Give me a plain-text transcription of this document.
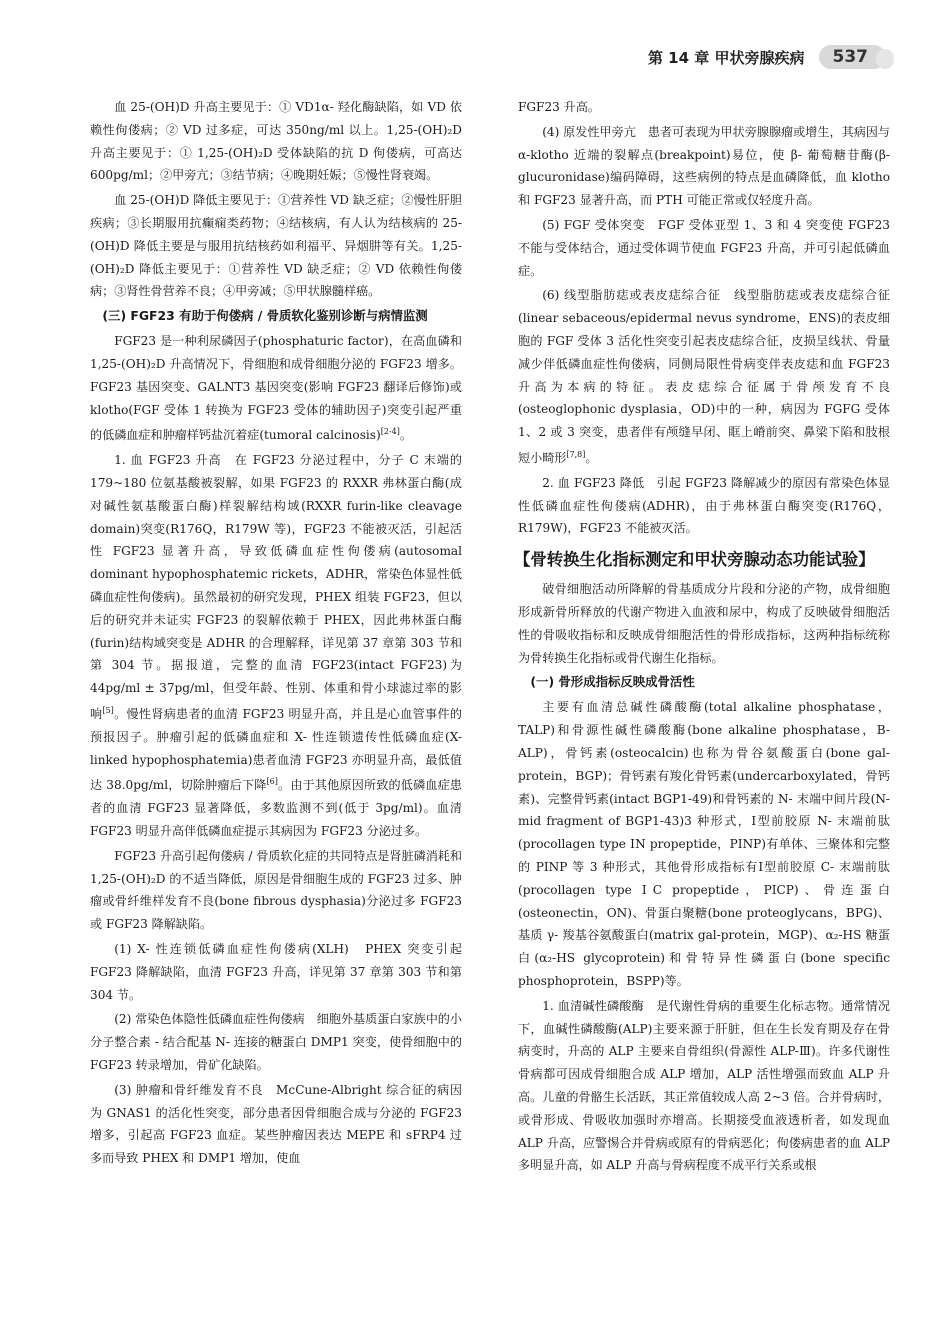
第 14 章 甲状旁腺疾病	537

血 25-(OH)D 升高主要见于：① VD1α- 羟化酶缺陷，如 VD 依赖性佝偻病；② VD 过多症，可达 350ng/ml 以上。1,25-(OH)₂D 升高主要见于：① 1,25-(OH)₂D 受体缺陷的抗 D 佝偻病，可高达 600pg/ml；②甲旁亢；③结节病；④晚期妊娠；⑤慢性肾衰竭。

血 25-(OH)D 降低主要见于：①营养性 VD 缺乏症；②慢性肝胆疾病；③长期服用抗癫痫类药物；④结核病，有人认为结核病的 25-(OH)D 降低主要是与服用抗结核药如利福平、异烟肼等有关。1,25-(OH)₂D 降低主要见于：①营养性 VD 缺乏症；② VD 依赖性佝偻病；③肾性骨营养不良；④甲旁减；⑤甲状腺髓样癌。

(三) FGF23 有助于佝偻病 / 骨质软化鉴别诊断与病情监测

FGF23 是一种利尿磷因子(phosphaturic factor)，在高血磷和 1,25-(OH)₂D 升高情况下，骨细胞和成骨细胞分泌的 FGF23 增多。FGF23 基因突变、GALNT3 基因突变(影响 FGF23 翻译后修饰)或 klotho(FGF 受体 1 转换为 FGF23 受体的辅助因子)突变引起严重的低磷血症和肿瘤样钙盐沉着症(tumoral calcinosis)[2-4]。

1. 血 FGF23 升高　在 FGF23 分泌过程中，分子 C 末端的 179~180 位氨基酸被裂解，如果 FGF23 的 RXXR 弗林蛋白酶(成对碱性氨基酸蛋白酶)样裂解结构域(RXXR furin-like cleavage domain)突变(R176Q，R179W 等)，FGF23 不能被灭活，引起活性 FGF23 显著升高，导致低磷血症性佝偻病(autosomal dominant hypophosphatemic rickets，ADHR，常染色体显性低磷血症性佝偻病)。虽然最初的研究发现，PHEX 组装 FGF23，但以后的研究并未证实 FGF23 的裂解依赖于 PHEX，因此弗林蛋白酶(furin)结构域突变是 ADHR 的合理解释，详见第 37 章第 303 节和第 304 节。据报道，完整的血清 FGF23(intact FGF23)为 44pg/ml ± 37pg/ml，但受年龄、性别、体重和骨小球滤过率的影响[5]。慢性肾病患者的血清 FGF23 明显升高，并且是心血管事件的预报因子。肿瘤引起的低磷血症和 X- 性连锁遗传性低磷血症(X-linked hypophosphatemia)患者血清 FGF23 亦明显升高，最低值达 38.0pg/ml，切除肿瘤后下降[6]。由于其他原因所致的低磷血症患者的血清 FGF23 显著降低，多数监测不到(低于 3pg/ml)。血清 FGF23 明显升高伴低磷血症提示其病因为 FGF23 分泌过多。

FGF23 升高引起佝偻病 / 骨质软化症的共同特点是肾脏磷消耗和 1,25-(OH)₂D 的不适当降低，原因是骨细胞生成的 FGF23 过多、肿瘤或骨纤维样发育不良(bone fibrous dysphasia)分泌过多 FGF23 或 FGF23 降解缺陷。

(1) X- 性连锁低磷血症性佝偻病(XLH)　PHEX 突变引起 FGF23 降解缺陷，血清 FGF23 升高，详见第 37 章第 303 节和第 304 节。

(2) 常染色体隐性低磷血症性佝偻病　细胞外基质蛋白家族中的小分子整合素 - 结合配基 N- 连接的糖蛋白 DMP1 突变，使骨细胞中的 FGF23 转录增加，骨矿化缺陷。

(3) 肿瘤和骨纤维发育不良　McCune-Albright 综合征的病因为 GNAS1 的活化性突变，部分患者因骨细胞合成与分泌的 FGF23 增多，引起高 FGF23 血症。某些肿瘤因表达 MEPE 和 sFRP4 过多而导致 PHEX 和 DMP1 增加，使血

FGF23 升高。

(4) 原发性甲旁亢　患者可表现为甲状旁腺腺瘤或增生，其病因与 α-klotho 近端的裂解点(breakpoint)易位，使 β- 葡萄糖苷酶(β-glucuronidase)编码障碍，这些病例的特点是血磷降低，血 klotho 和 FGF23 显著升高，而 PTH 可能正常或仅轻度升高。

(5) FGF 受体突变　FGF 受体亚型 1、3 和 4 突变使 FGF23 不能与受体结合，通过受体调节使血 FGF23 升高，并可引起低磷血症。

(6) 线型脂肪痣或表皮痣综合征　线型脂肪痣或表皮痣综合征(linear sebaceous/epidermal nevus syndrome，ENS)的表皮细胞的 FGF 受体 3 活化性突变引起表皮痣综合征，皮损呈线状、骨量减少伴低磷血症性佝偻病，同侧局限性骨病变伴表皮痣和血 FGF23 升高为本病的特征。表皮痣综合征属于骨颅发育不良(osteoglophonic dysplasia，OD)中的一种，病因为 FGFG 受体 1、2 或 3 突变，患者伴有颅缝早闭、眶上嵴前突、鼻梁下陷和肢根短小畸形[7,8]。

2. 血 FGF23 降低　引起 FGF23 降解减少的原因有常染色体显性低磷血症性佝偻病(ADHR)，由于弗林蛋白酶突变(R176Q，R179W)，FGF23 不能被灭活。

【骨转换生化指标测定和甲状旁腺动态功能试验】

破骨细胞活动所降解的骨基质成分片段和分泌的产物，成骨细胞形成新骨所释放的代谢产物进入血液和尿中，构成了反映破骨细胞活性的骨吸收指标和反映成骨细胞活性的骨形成指标，这两种指标统称为骨转换生化指标或骨代谢生化指标。

(一) 骨形成指标反映成骨活性

主要有血清总碱性磷酸酶(total alkaline phosphatase，TALP)和骨源性碱性磷酸酶(bone alkaline phosphatase，B-ALP)，骨钙素(osteocalcin)也称为骨谷氨酸蛋白(bone gal-protein，BGP)；骨钙素有羧化骨钙素(undercarboxylated，骨钙素)、完整骨钙素(intact BGP1-49)和骨钙素的 N- 末端中间片段(N-mid fragment of BGP1-43)3 种形式，Ⅰ型前胶原 N- 末端前肽(procollagen type ⅠN propeptide，PINP)有单体、三聚体和完整的 PINP 等 3 种形式，其他骨形成指标有Ⅰ型前胶原 C- 末端前肽(procollagen type ⅠC propeptide，PICP)、骨连蛋白(osteonectin，ON)、骨蛋白聚糖(bone proteoglycans，BPG)、基质 γ- 羧基谷氨酸蛋白(matrix gal-protein，MGP)、α₂-HS 糖蛋白(α₂-HS glycoprotein)和骨特异性磷蛋白(bone specific phosphoprotein，BSPP)等。

1. 血清碱性磷酸酶　是代谢性骨病的重要生化标志物。通常情况下，血碱性磷酸酶(ALP)主要来源于肝脏，但在生长发育期及存在骨病变时，升高的 ALP 主要来自骨组织(骨源性 ALP-Ⅲ)。许多代谢性骨病都可因成骨细胞合成 ALP 增加，ALP 活性增强而致血 ALP 升高。儿童的骨骼生长活跃，其正常值较成人高 2~3 倍。合并骨病时，或骨形成、骨吸收加强时亦增高。长期接受血液透析者，如发现血 ALP 升高，应警惕合并骨病或原有的骨病恶化；佝偻病患者的血 ALP 多明显升高，如 ALP 升高与骨病程度不成平行关系或根
